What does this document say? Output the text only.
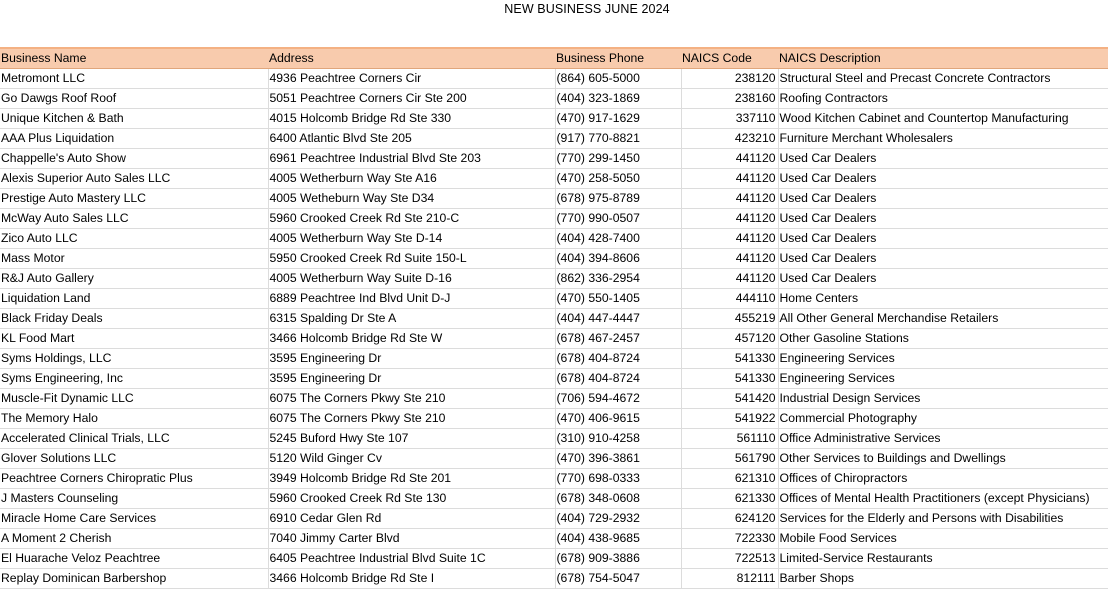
NEW BUSINESS JUNE 2024
Business Name	Address	Business Phone	NAICS Code	NAICS Description
Metromont LLC	4936 Peachtree Corners Cir	(864) 605-5000	238120	Structural Steel and Precast Concrete Contractors
Go Dawgs Roof Roof	5051 Peachtree Corners Cir Ste 200	(404) 323-1869	238160	Roofing Contractors
Unique Kitchen & Bath	4015 Holcomb Bridge Rd Ste 330	(470) 917-1629	337110	Wood Kitchen Cabinet and Countertop Manufacturing
AAA Plus Liquidation	6400 Atlantic Blvd Ste 205	(917) 770-8821	423210	Furniture Merchant Wholesalers
Chappelle's Auto Show	6961 Peachtree Industrial Blvd Ste 203	(770) 299-1450	441120	Used Car Dealers
Alexis Superior Auto Sales LLC	4005 Wetherburn Way Ste A16	(470) 258-5050	441120	Used Car Dealers
Prestige Auto Mastery LLC	4005 Wetheburn Way Ste D34	(678) 975-8789	441120	Used Car Dealers
McWay Auto Sales LLC	5960 Crooked Creek Rd Ste 210-C	(770) 990-0507	441120	Used Car Dealers
Zico Auto LLC	4005 Wetherburn Way Ste D-14	(404) 428-7400	441120	Used Car Dealers
Mass Motor	5950 Crooked Creek Rd Suite 150-L	(404) 394-8606	441120	Used Car Dealers
R&J Auto Gallery	4005 Wetherburn Way Suite D-16	(862) 336-2954	441120	Used Car Dealers
Liquidation Land	6889 Peachtree Ind Blvd Unit D-J	(470) 550-1405	444110	Home Centers
Black Friday Deals	6315 Spalding Dr Ste A	(404) 447-4447	455219	All Other General Merchandise Retailers
KL Food Mart	3466 Holcomb Bridge Rd Ste W	(678) 467-2457	457120	Other Gasoline Stations
Syms Holdings, LLC	3595 Engineering Dr	(678) 404-8724	541330	Engineering Services
Syms Engineering, Inc	3595 Engineering Dr	(678) 404-8724	541330	Engineering Services
Muscle-Fit Dynamic LLC	6075 The Corners Pkwy Ste 210	(706) 594-4672	541420	Industrial Design Services
The Memory Halo	6075 The Corners Pkwy Ste 210	(470) 406-9615	541922	Commercial Photography
Accelerated Clinical Trials, LLC	5245 Buford Hwy Ste 107	(310) 910-4258	561110	Office Administrative Services
Glover Solutions LLC	5120 Wild Ginger Cv	(470) 396-3861	561790	Other Services to Buildings and Dwellings
Peachtree Corners Chiropratic Plus	3949 Holcomb Bridge Rd Ste 201	(770) 698-0333	621310	Offices of Chiropractors
J Masters Counseling	5960 Crooked Creek Rd Ste 130	(678) 348-0608	621330	Offices of Mental Health Practitioners (except Physicians)
Miracle Home Care Services	6910 Cedar Glen Rd	(404) 729-2932	624120	Services for the Elderly and Persons with Disabilities
A Moment 2 Cherish	7040 Jimmy Carter Blvd	(404) 438-9685	722330	Mobile Food Services
El Huarache Veloz Peachtree	6405 Peachtree Industrial Blvd Suite 1C	(678) 909-3886	722513	Limited-Service Restaurants
Replay Dominican Barbershop	3466 Holcomb Bridge Rd Ste I	(678) 754-5047	812111	Barber Shops
